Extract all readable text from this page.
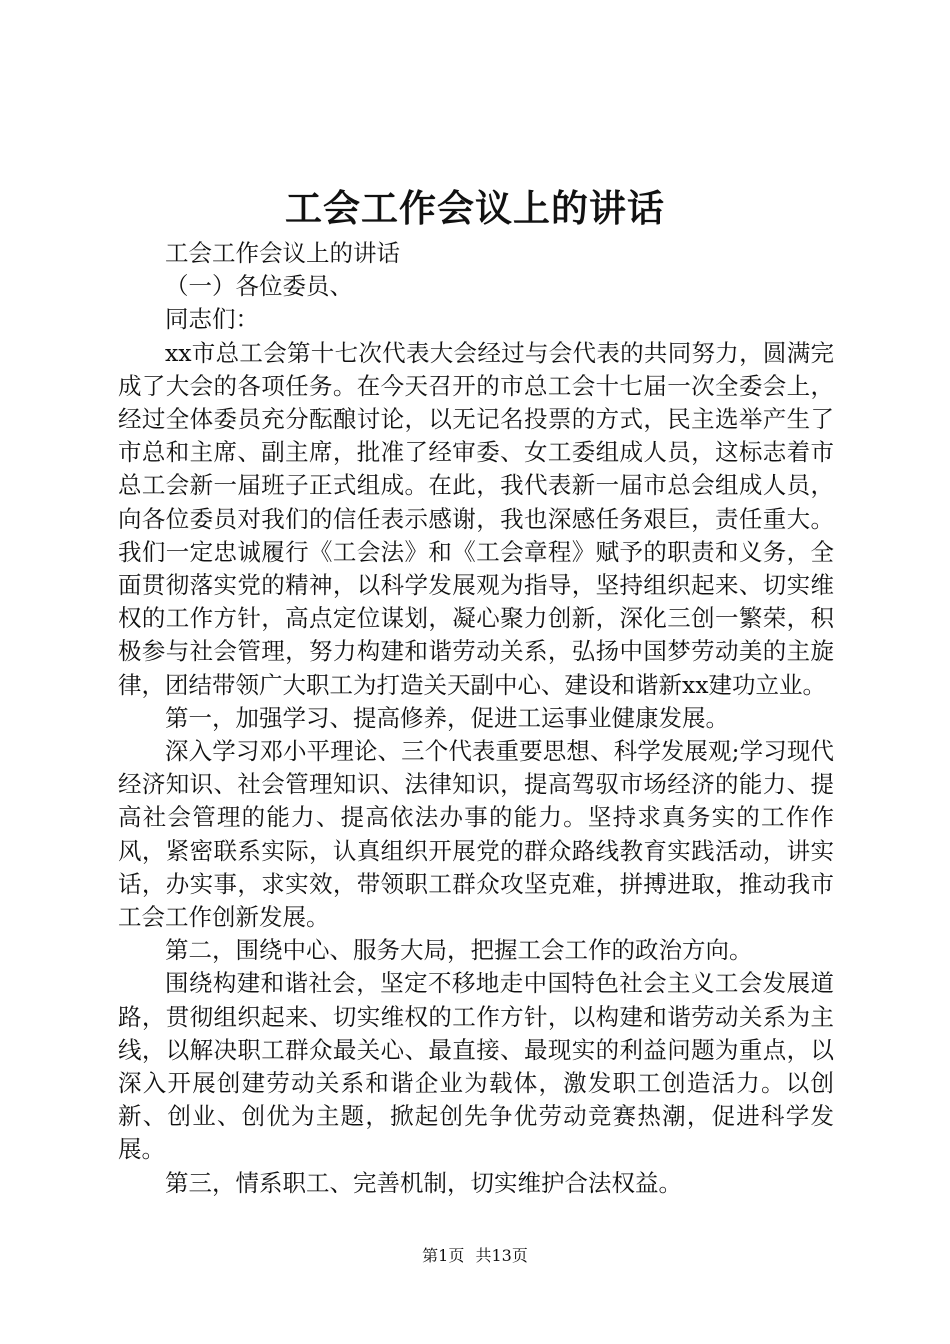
工会工作会议上的讲话

工会工作会议上的讲话

（一）各位委员、

同志们：

xx市总工会第十七次代表大会经过与会代表的共同努力，圆满完成了大会的各项任务。在今天召开的市总工会十七届一次全委会上，经过全体委员充分酝酿讨论，以无记名投票的方式，民主选举产生了市总和主席、副主席，批准了经审委、女工委组成人员，这标志着市总工会新一届班子正式组成。在此，我代表新一届市总会组成人员，向各位委员对我们的信任表示感谢，我也深感任务艰巨，责任重大。我们一定忠诚履行《工会法》和《工会章程》赋予的职责和义务，全面贯彻落实党的精神，以科学发展观为指导，坚持组织起来、切实维权的工作方针，高点定位谋划，凝心聚力创新，深化三创一繁荣，积极参与社会管理，努力构建和谐劳动关系，弘扬中国梦劳动美的主旋律，团结带领广大职工为打造关天副中心、建设和谐新xx建功立业。

第一，加强学习、提高修养，促进工运事业健康发展。

深入学习邓小平理论、三个代表重要思想、科学发展观;学习现代经济知识、社会管理知识、法律知识，提高驾驭市场经济的能力、提高社会管理的能力、提高依法办事的能力。坚持求真务实的工作作风，紧密联系实际，认真组织开展党的群众路线教育实践活动，讲实话，办实事，求实效，带领职工群众攻坚克难，拼搏进取，推动我市工会工作创新发展。

第二，围绕中心、服务大局，把握工会工作的政治方向。

围绕构建和谐社会，坚定不移地走中国特色社会主义工会发展道路，贯彻组织起来、切实维权的工作方针，以构建和谐劳动关系为主线，以解决职工群众最关心、最直接、最现实的利益问题为重点，以深入开展创建劳动关系和谐企业为载体，激发职工创造活力。以创新、创业、创优为主题，掀起创先争优劳动竞赛热潮，促进科学发展。

第三，情系职工、完善机制，切实维护合法权益。

第1页 共13页
